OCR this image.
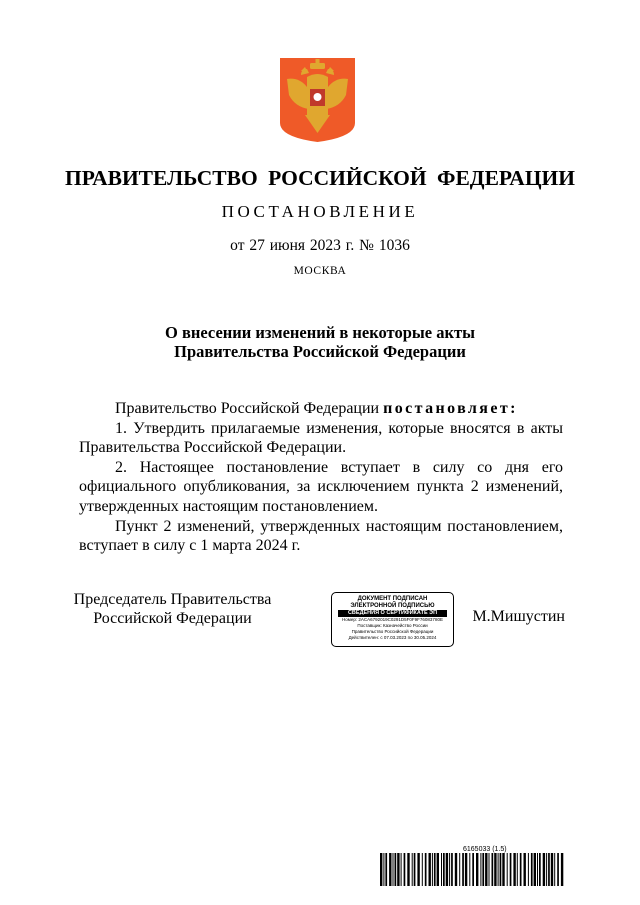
ПРАВИТЕЛЬСТВО РОССИЙСКОЙ ФЕДЕРАЦИИ
ПОСТАНОВЛЕНИЕ
от 27 июня 2023 г. № 1036
МОСКВА
О внесении изменений в некоторые акты
Правительства Российской Федерации

Правительство Российской Федерации постановляет:

1. Утвердить прилагаемые изменения, которые вносятся в акты Правительства Российской Федерации.

2. Настоящее постановление вступает в силу со дня его официального опубликования, за исключением пункта 2 изменений, утвержденных настоящим постановлением.

Пункт 2 изменений, утвержденных настоящим постановлением, вступает в силу с 1 марта 2024 г.

Председатель Правительства
Российской Федерации
ДОКУМЕНТ ПОДПИСАН
ЭЛЕКТРОННОЙ ПОДПИСЬЮ
СВЕДЕНИЯ О СЕРТИФИКАТЕ ЭП
Номер: 2ACA6792019C0291D5F0F9F76083780E
Поставщик: Казначейство России
Правительство Российской Федерации
Действителен: с 07.03.2023 по 30.05.2024
М.Мишустин
6165033 (1.5)
